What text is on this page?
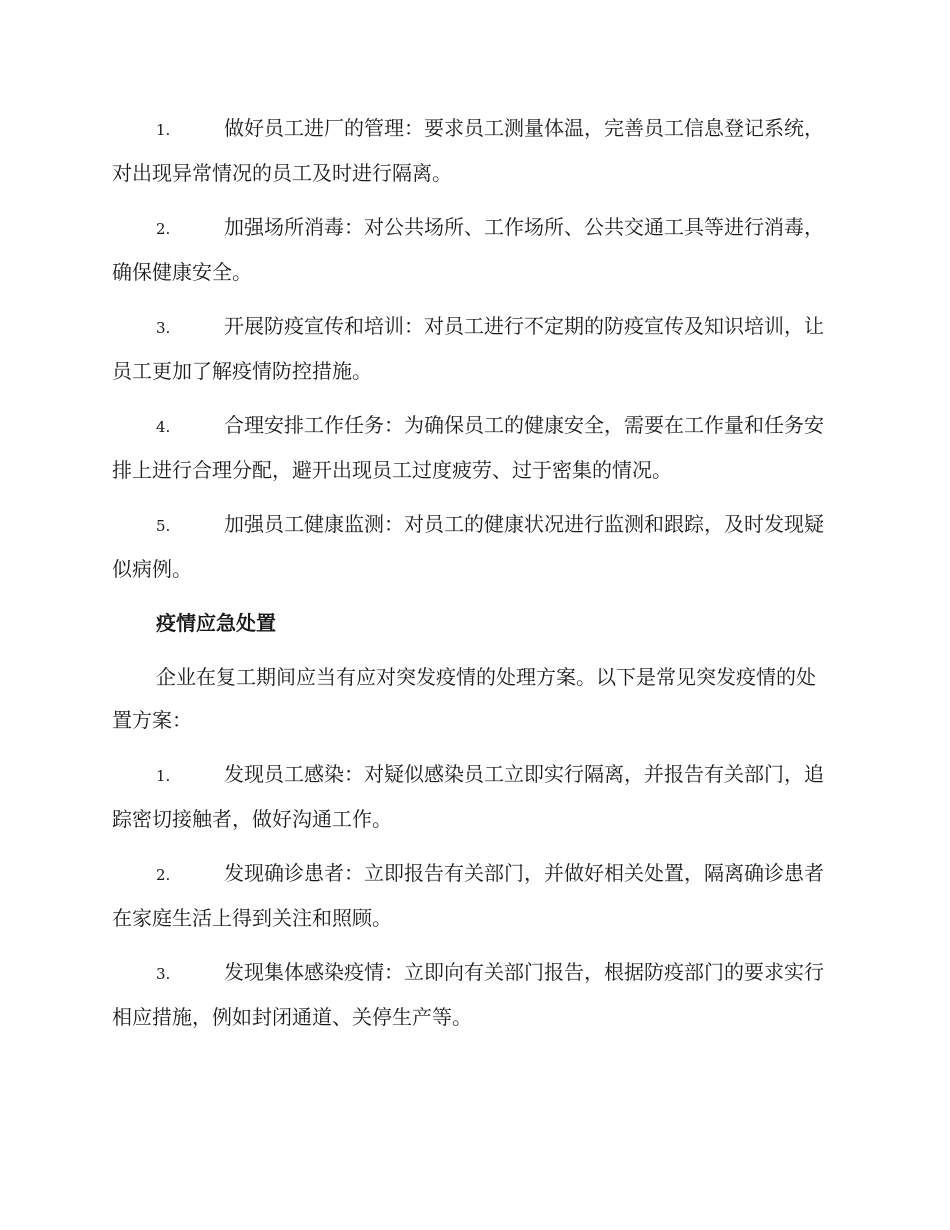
1.	做好员工进厂的管理：要求员工测量体温，完善员工信息登记系统，对出现异常情况的员工及时进行隔离。
2.	加强场所消毒：对公共场所、工作场所、公共交通工具等进行消毒，确保健康安全。
3.	开展防疫宣传和培训：对员工进行不定期的防疫宣传及知识培训，让员工更加了解疫情防控措施。
4.	合理安排工作任务：为确保员工的健康安全，需要在工作量和任务安排上进行合理分配，避开出现员工过度疲劳、过于密集的情况。
5.	加强员工健康监测：对员工的健康状况进行监测和跟踪，及时发现疑似病例。
疫情应急处置
企业在复工期间应当有应对突发疫情的处理方案。以下是常见突发疫情的处置方案：
1.	发现员工感染：对疑似感染员工立即实行隔离，并报告有关部门，追踪密切接触者，做好沟通工作。
2.	发现确诊患者：立即报告有关部门，并做好相关处置，隔离确诊患者在家庭生活上得到关注和照顾。
3.	发现集体感染疫情：立即向有关部门报告，根据防疫部门的要求实行相应措施，例如封闭通道、关停生产等。
